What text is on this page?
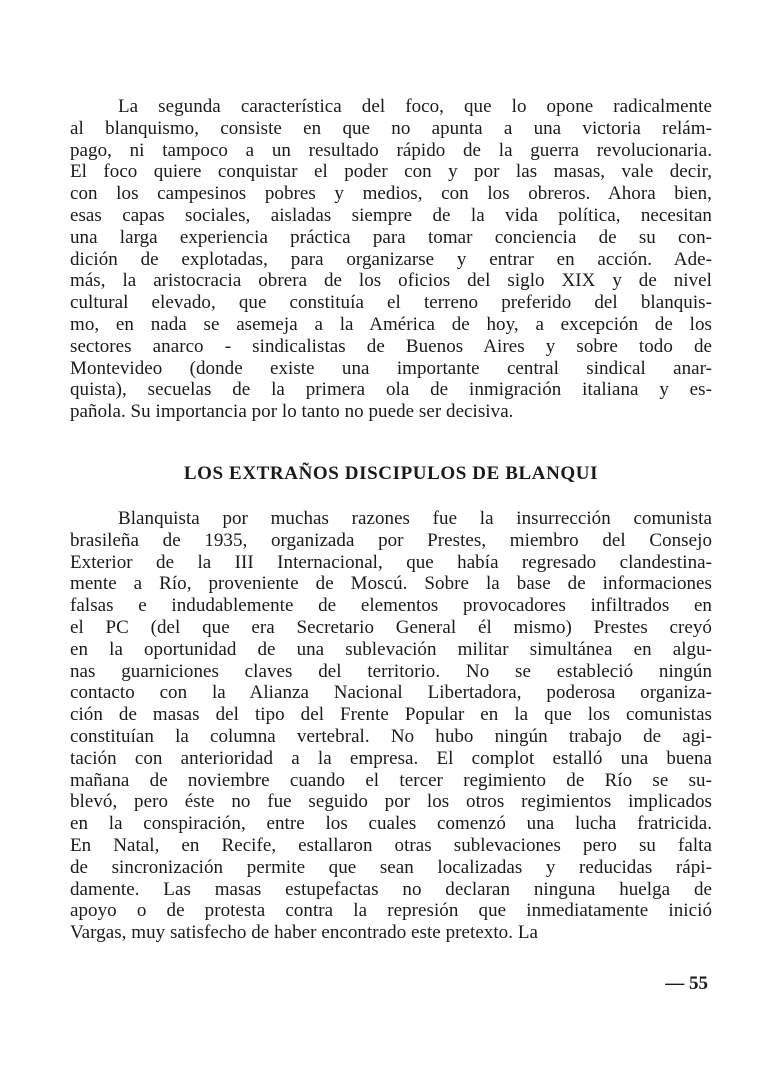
La segunda característica del foco, que lo opone radicalmente
al blanquismo, consiste en que no apunta a una victoria relám-
pago, ni tampoco a un resultado rápido de la guerra revolucionaria.
El foco quiere conquistar el poder con y por las masas, vale decir,
con los campesinos pobres y medios, con los obreros. Ahora bien,
esas capas sociales, aisladas siempre de la vida política, necesitan
una larga experiencia práctica para tomar conciencia de su con-
dición de explotadas, para organizarse y entrar en acción. Ade-
más, la aristocracia obrera de los oficios del siglo XIX y de nivel
cultural elevado, que constituía el terreno preferido del blanquis-
mo, en nada se asemeja a la América de hoy, a excepción de los
sectores anarco - sindicalistas de Buenos Aires y sobre todo de
Montevideo (donde existe una importante central sindical anar-
quista), secuelas de la primera ola de inmigración italiana y es-
pañola. Su importancia por lo tanto no puede ser decisiva.
LOS EXTRAÑOS DISCIPULOS DE BLANQUI
Blanquista por muchas razones fue la insurrección comunista
brasileña de 1935, organizada por Prestes, miembro del Consejo
Exterior de la III Internacional, que había regresado clandestina-
mente a Río, proveniente de Moscú. Sobre la base de informaciones
falsas e indudablemente de elementos provocadores infiltrados en
el PC (del que era Secretario General él mismo) Prestes creyó
en la oportunidad de una sublevación militar simultánea en algu-
nas guarniciones claves del territorio. No se estableció ningún
contacto con la Alianza Nacional Libertadora, poderosa organiza-
ción de masas del tipo del Frente Popular en la que los comunistas
constituían la columna vertebral. No hubo ningún trabajo de agi-
tación con anterioridad a la empresa. El complot estalló una buena
mañana de noviembre cuando el tercer regimiento de Río se su-
blevó, pero éste no fue seguido por los otros regimientos implicados
en la conspiración, entre los cuales comenzó una lucha fratricida.
En Natal, en Recife, estallaron otras sublevaciones pero su falta
de sincronización permite que sean localizadas y reducidas rápi-
damente. Las masas estupefactas no declaran ninguna huelga de
apoyo o de protesta contra la represión que inmediatamente inició
Vargas, muy satisfecho de haber encontrado este pretexto. La
— 55
